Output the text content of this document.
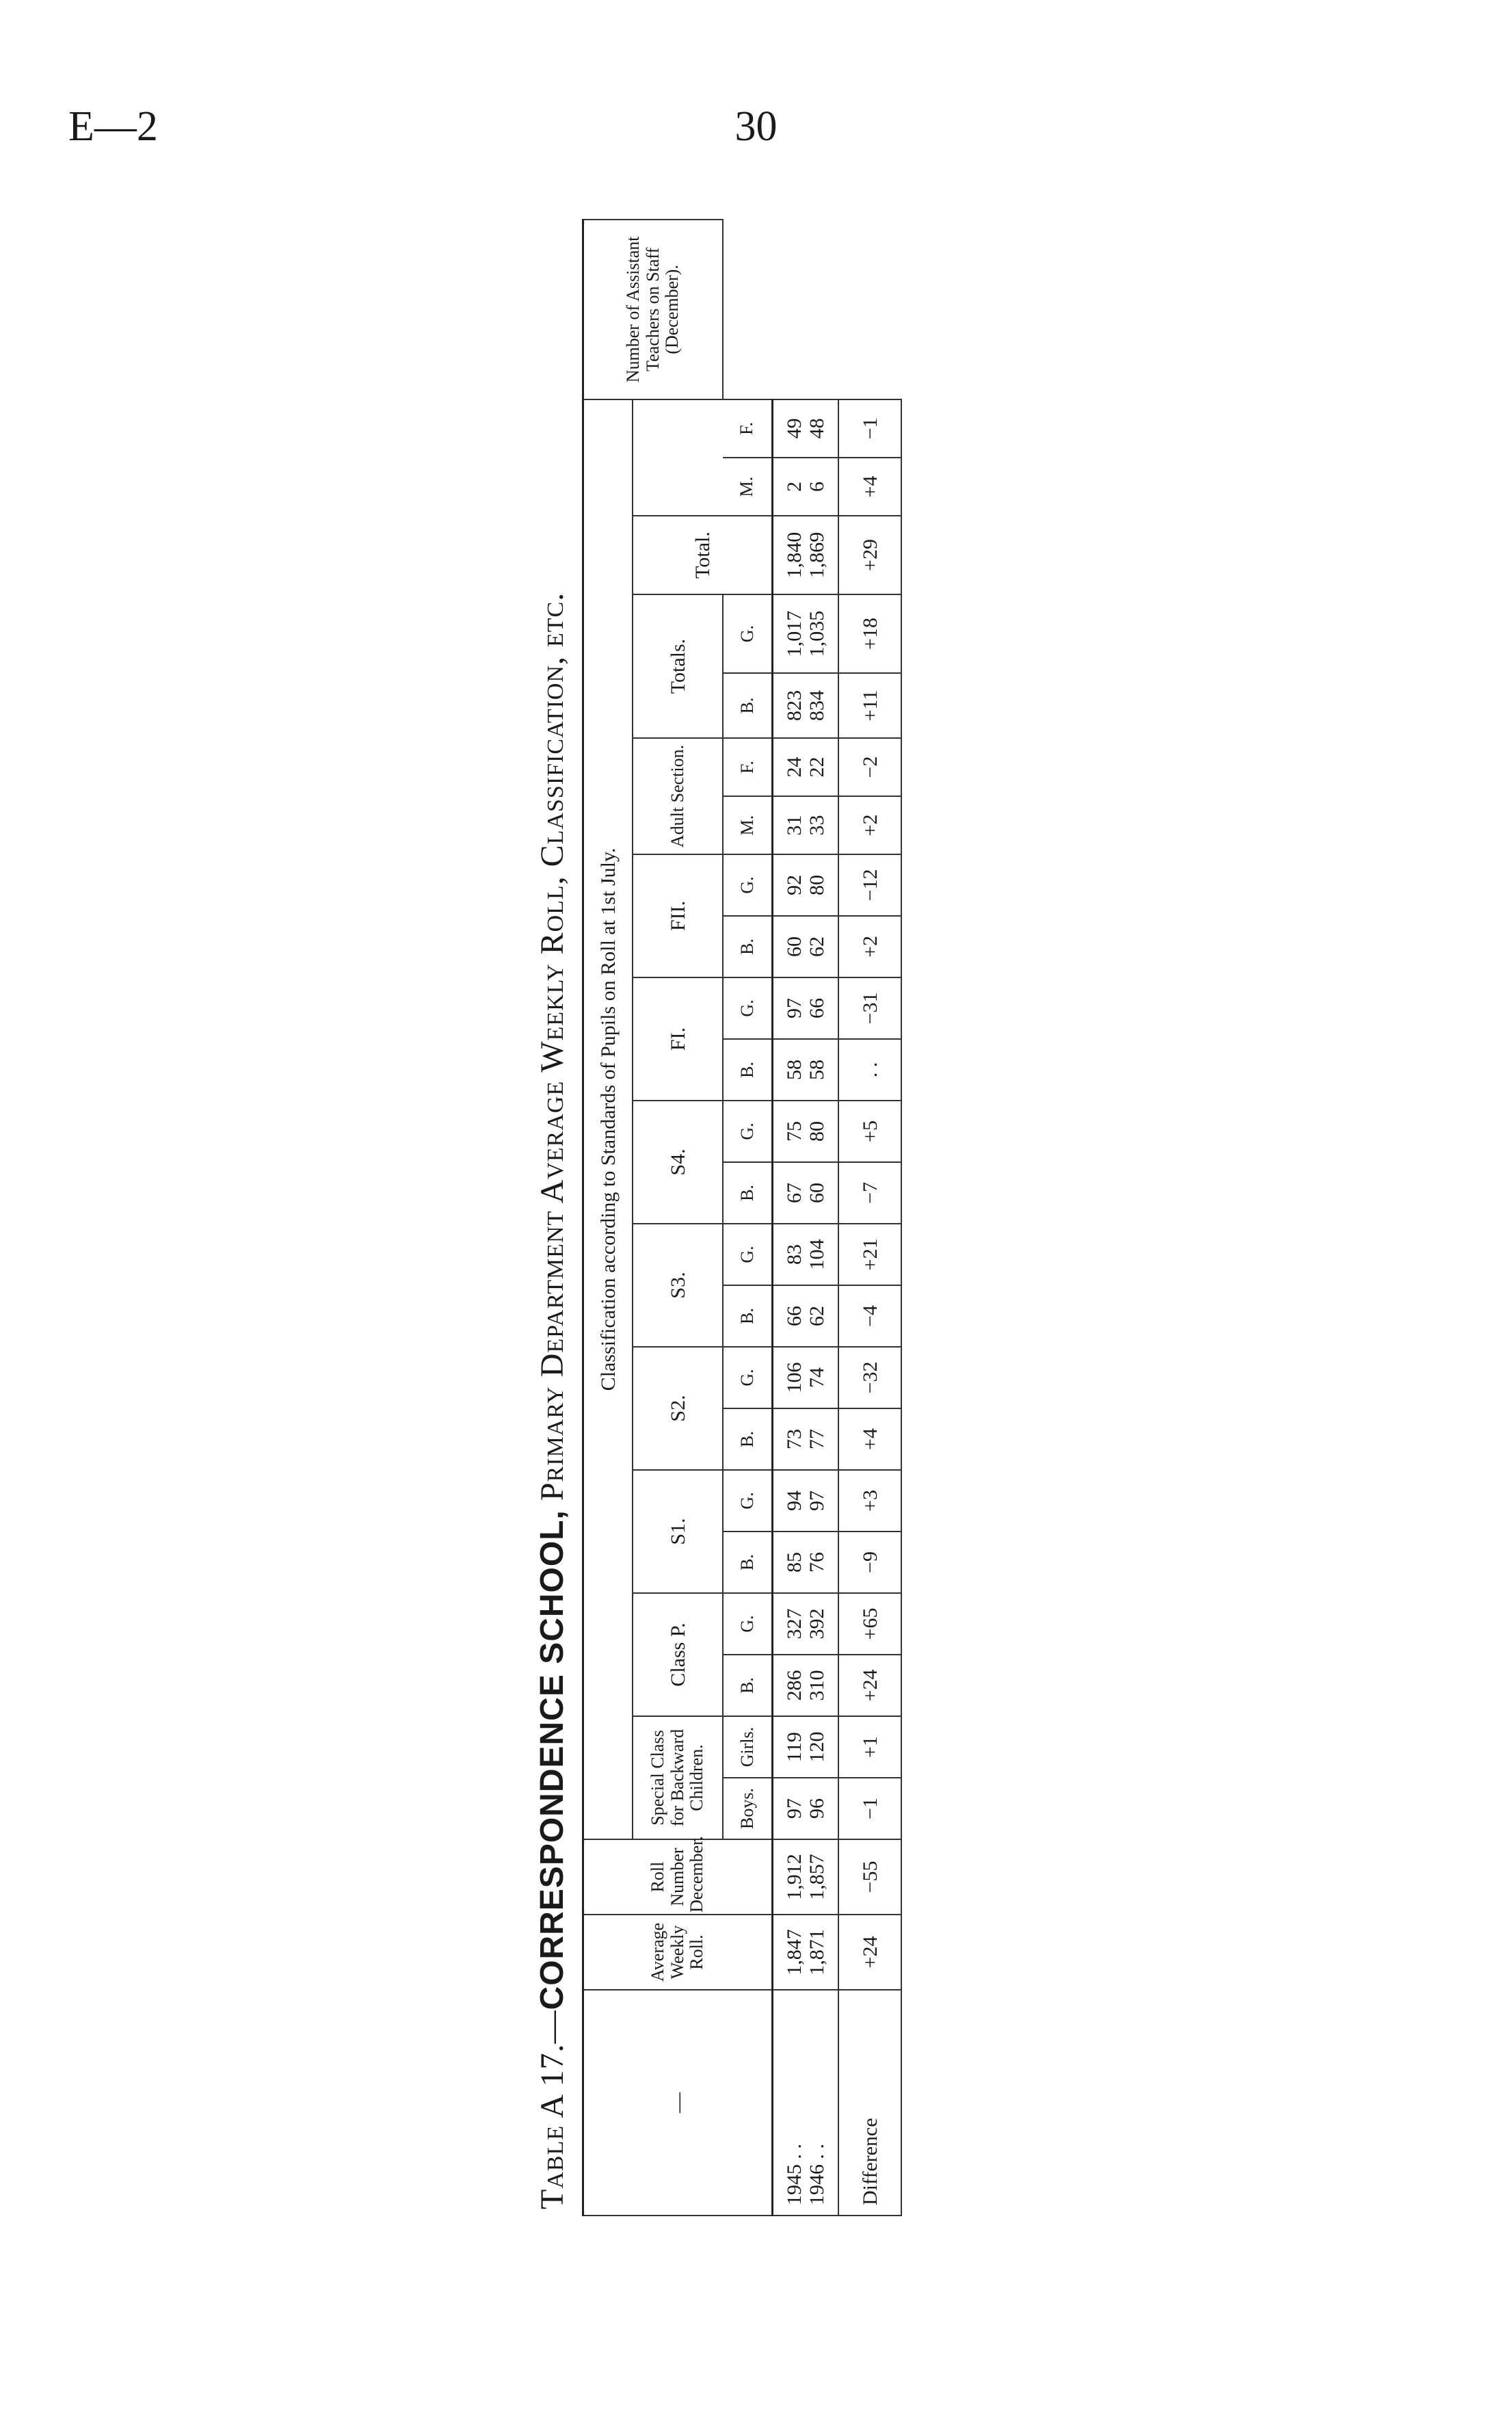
E—2	30
Table A 17.—CORRESPONDENCE SCHOOL, Primary Department Average Weekly Roll, Classification, etc.
—	Average Weekly Roll.	Roll Number December.	Classification according to Standards of Pupils on Roll at 1st July.																							Number of Assistant Teachers on Staff (December).
			Special Class for Backward Children.		Class P.		S1.		S2.		S3.		S4.		FI.		FII.		Adult Section.		Totals.		Total.			
			Boys.	Girls.	B.	G.	B.	G.	B.	G.	B.	G.	B.	G.	B.	G.	B.	G.	M.	F.	B.	G.		M.	F.	
1945 . .	1,847	1,912	97	119	286	327	85	94	73	106	66	83	67	75	58	97	60	92	31	24	823	1,017	1,840	2	49	
1946 . .	1,871	1,857	96	120	310	392	76	97	77	74	62	104	60	80	58	66	62	80	33	22	834	1,035	1,869	6	48	
Difference	+24	−55	−1	+1	+24	+65	−9	+3	+4	−32	−4	+21	−7	+5	. .	−31	+2	−12	+2	−2	+11	+18	+29	+4	−1	
